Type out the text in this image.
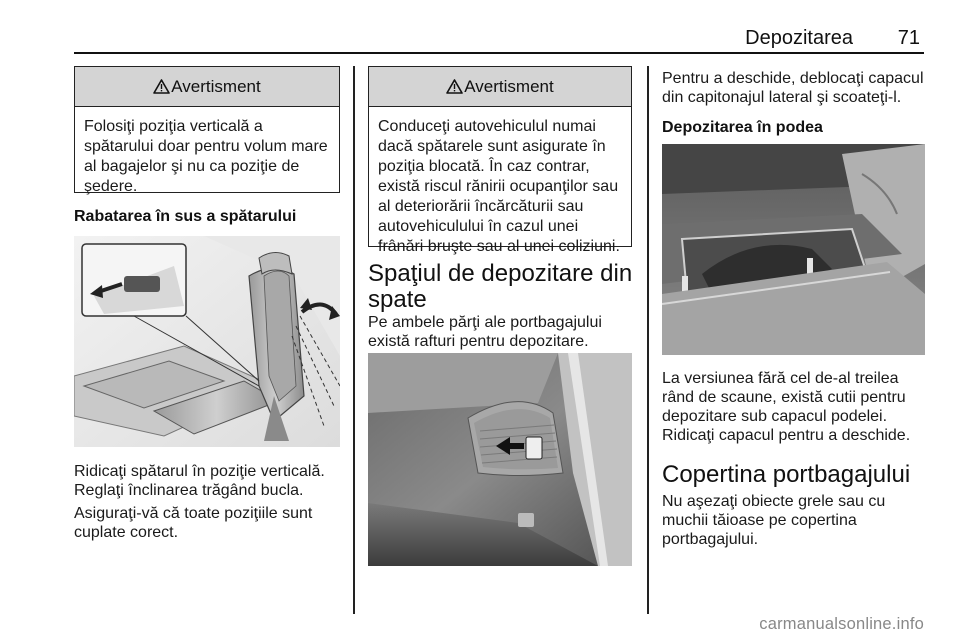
Depozitarea 71
Avertisment
Folosiţi poziţia verticală a spătarului doar pentru volum mare al bagajelor şi nu ca poziţie de şedere.
Rabatarea în sus a spătarului
Ridicaţi spătarul în poziţie verticală.
Reglaţi înclinarea trăgând bucla.
Asiguraţi-vă că toate poziţiile sunt
cuplate corect.
Avertisment
Conduceţi autovehiculul numai dacă spătarele sunt asigurate în poziţia blocată. În caz contrar, există riscul rănirii ocupanţilor sau al deteriorării încărcăturii sau autovehiculului în cazul unei frânări bruşte sau al unei coliziuni.
Spaţiul de depozitare din spate
Pe ambele părţi ale portbagajului există rafturi pentru depozitare.
Pentru a deschide, deblocaţi capacul din capitonajul lateral şi scoateţi-l.
Depozitarea în podea
La versiunea fără cel de-al treilea rând de scaune, există cutii pentru depozitare sub capacul podelei. Ridicaţi capacul pentru a deschide.
Copertina portbagajului
Nu aşezaţi obiecte grele sau cu muchii tăioase pe copertina portbagajului.
carmanualsonline.info
